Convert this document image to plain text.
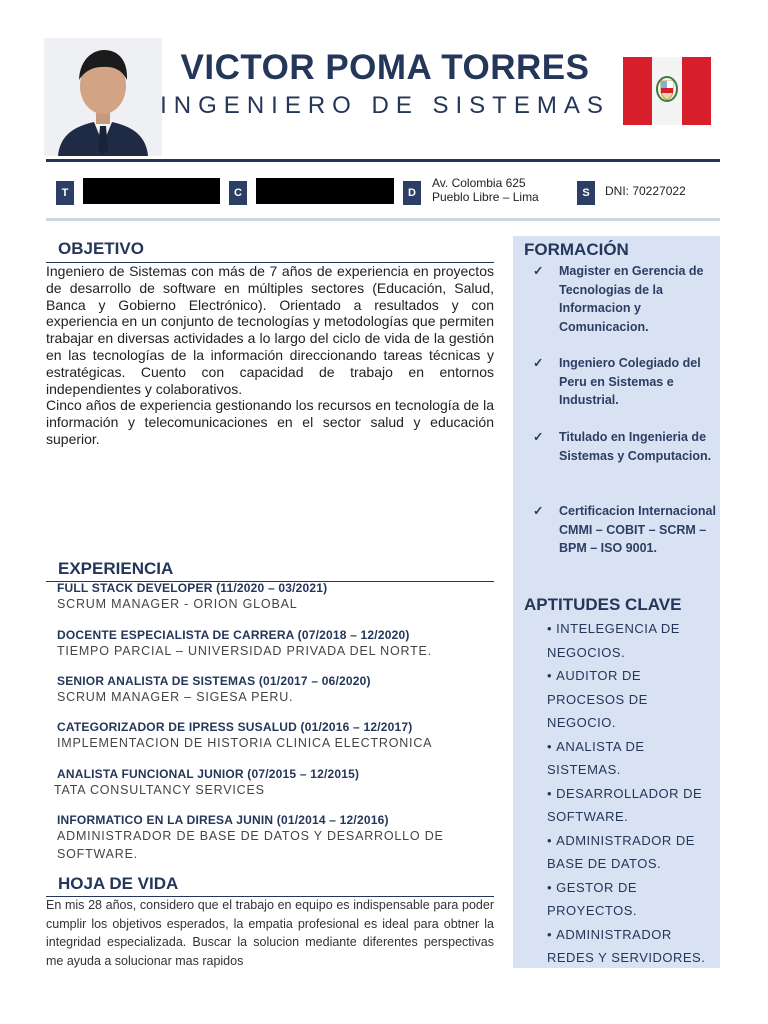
VICTOR POMA TORRES
INGENIERO DE SISTEMAS
T	C	D
Av. Colombia 625
Pueblo Libre – Lima	S	DNI: 70227022
OBJETIVO
Ingeniero de Sistemas con más de 7 años de experiencia en proyectos de desarrollo de software en múltiples sectores (Educación, Salud, Banca y Gobierno Electrónico). Orientado a resultados y con experiencia en un conjunto de tecnologías y metodologías que permiten trabajar en diversas actividades a lo largo del ciclo de vida de la gestión en las tecnologías de la información direccionando tareas técnicas y estratégicas. Cuento con capacidad de trabajo en entornos independientes y colaborativos.
Cinco años de experiencia gestionando los recursos en tecnología de la información y telecomunicaciones en el sector salud y educación superior.
EXPERIENCIA
FULL STACK DEVELOPER (11/2020 – 03/2021)
SCRUM MANAGER - ORION GLOBAL
DOCENTE ESPECIALISTA DE CARRERA (07/2018 – 12/2020)
TIEMPO PARCIAL – UNIVERSIDAD PRIVADA DEL NORTE.
SENIOR ANALISTA DE SISTEMAS (01/2017 – 06/2020)
SCRUM MANAGER – SIGESA PERU.
CATEGORIZADOR DE IPRESS SUSALUD (01/2016 – 12/2017)
IMPLEMENTACION DE HISTORIA CLINICA ELECTRONICA
ANALISTA FUNCIONAL JUNIOR (07/2015 – 12/2015)
TATA CONSULTANCY SERVICES
INFORMATICO EN LA DIRESA JUNIN (01/2014 – 12/2016)
ADMINISTRADOR DE BASE DE DATOS Y DESARROLLO DE SOFTWARE.
HOJA DE VIDA
En mis 28 años, considero que el trabajo en equipo es indispensable para poder cumplir los objetivos esperados, la empatia profesional es ideal para obtner la integridad especializada. Buscar la solucion mediante diferentes perspectivas me ayuda a solucionar mas rapidos
FORMACIÓN
✓ Magister en Gerencia de Tecnologias de la Informacion y Comunicacion.
✓ Ingeniero Colegiado del Peru en Sistemas e Industrial.
✓ Titulado en Ingenieria de Sistemas y Computacion.
✓ Certificacion Internacional CMMI – COBIT – SCRM – BPM – ISO 9001.
APTITUDES CLAVE
• INTELEGENCIA DE NEGOCIOS.
• AUDITOR DE PROCESOS DE NEGOCIO.
• ANALISTA DE SISTEMAS.
• DESARROLLADOR DE SOFTWARE.
• ADMINISTRADOR DE BASE DE DATOS.
• GESTOR DE PROYECTOS.
• ADMINISTRADOR REDES Y SERVIDORES.
